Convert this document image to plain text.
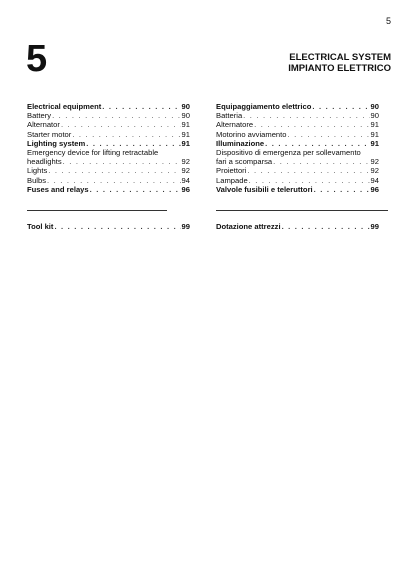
5
5	ELECTRICAL SYSTEM
IMPIANTO ELETTRICO
Electrical equipment . . .	90
Battery . . .	90
Alternator . . .	91
Starter motor . . .	91
Lighting system . . .	91
Emergency device for lifting retractable
headlights . . .	92
Lights . . .	92
Bulbs . . .	94
Fuses and relays . . .	96
Equipaggiamento elettrico . . .	90
Batteria . . .	90
Alternatore . . .	91
Motorino avviamento . . .	91
Illuminazione . . .	91
Dispositivo di emergenza per sollevamento
fari a scomparsa . . .	92
Proiettori . . .	92
Lampade . . .	94
Valvole fusibili e teleruttori . . .	96
Tool kit . . .	99	Dotazione attrezzi . . .	99
